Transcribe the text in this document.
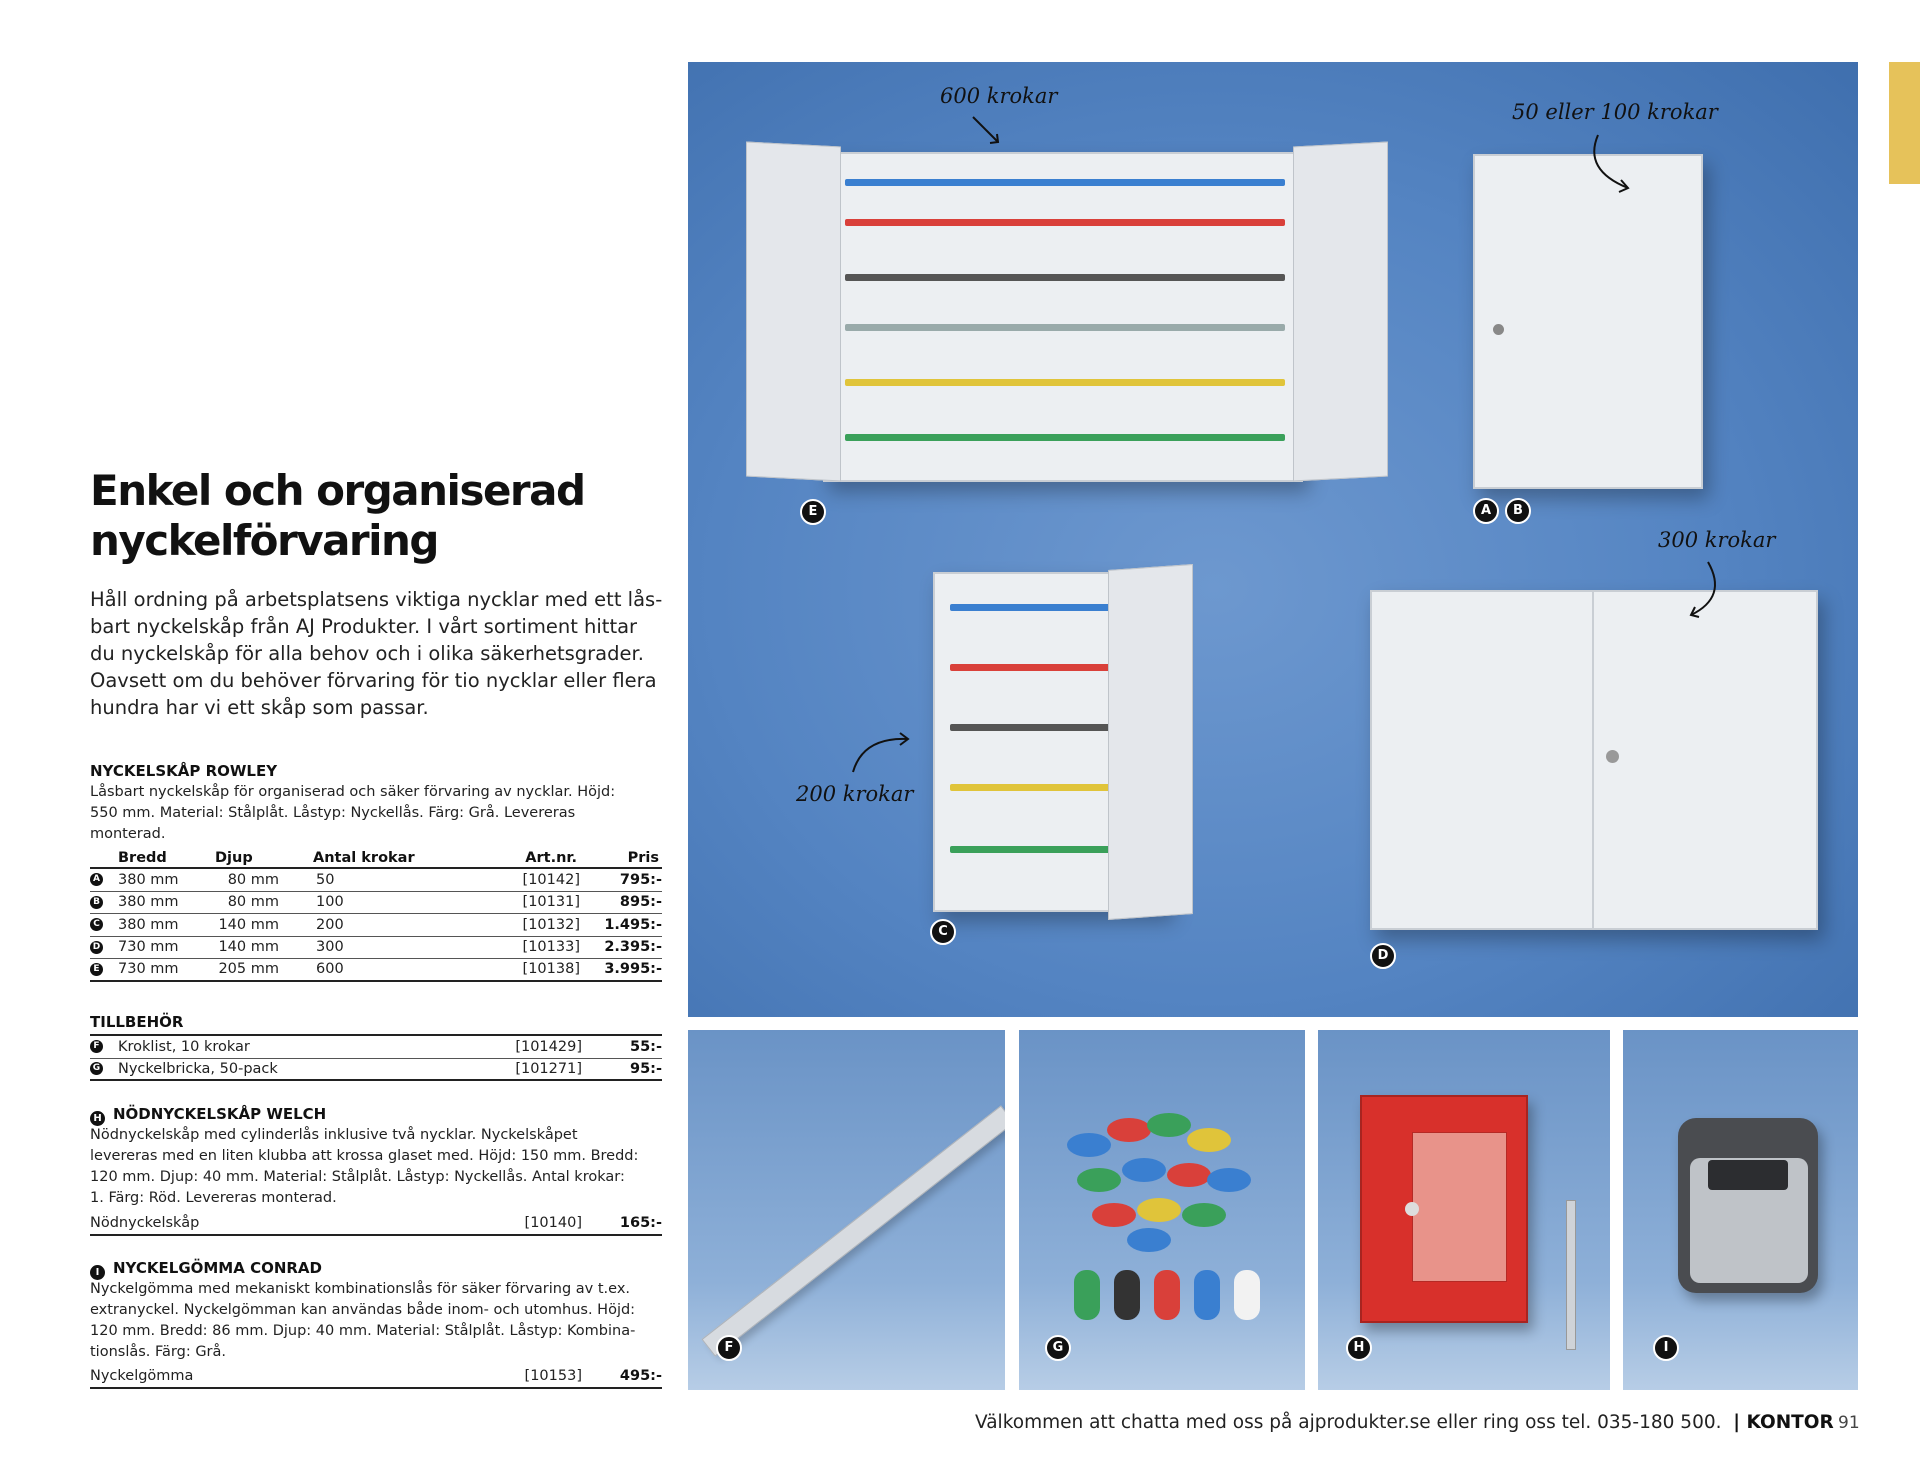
Enkel och organiserad
nyckelförvaring
Håll ordning på arbetsplatsens viktiga nycklar med ett lås-
bart nyckelskåp från AJ Produkter. I vårt sortiment hittar
du nyckelskåp för alla behov och i olika säkerhetsgrader.
Oavsett om du behöver förvaring för tio nycklar eller flera
hundra har vi ett skåp som passar.
NYCKELSKÅP ROWLEY
Låsbart nyckelskåp för organiserad och säker förvaring av nycklar. Höjd:
550 mm. Material: Stålplåt. Låstyp: Nyckellås. Färg: Grå. Levereras
monterad.
Bredd	Djup	Antal krokar	Art.nr.	Pris
A	380 mm	80 mm	50	[10142]	795:-
B	380 mm	80 mm	100	[10131]	895:-
C	380 mm	140 mm	200	[10132]	1.495:-
D	730 mm	140 mm	300	[10133]	2.395:-
E	730 mm	205 mm	600	[10138]	3.995:-
TILLBEHÖR
F	Kroklist, 10 krokar	[101429]	55:-
G	Nyckelbricka, 50-pack	[101271]	95:-
H NÖDNYCKELSKÅP WELCH
Nödnyckelskåp med cylinderlås inklusive två nycklar. Nyckelskåpet
levereras med en liten klubba att krossa glaset med. Höjd: 150 mm. Bredd:
120 mm. Djup: 40 mm. Material: Stålplåt. Låstyp: Nyckellås. Antal krokar:
1. Färg: Röd. Levereras monterad.
Nödnyckelskåp	[10140]	165:-
I NYCKELGÖMMA CONRAD
Nyckelgömma med mekaniskt kombinationslås för säker förvaring av t.ex.
extranyckel. Nyckelgömman kan användas både inom- och utomhus. Höjd:
120 mm. Bredd: 86 mm. Djup: 40 mm. Material: Stålplåt. Låstyp: Kombina-
tionslås. Färg: Grå.
Nyckelgömma	[10153]	495:-
600 krokar
50 eller 100 krokar
300 krokar
200 krokar
E	A	B
C
D
F	G	H	I
Välkommen att chatta med oss på ajprodukter.se eller ring oss tel. 035-180 500. | KONTOR 91
